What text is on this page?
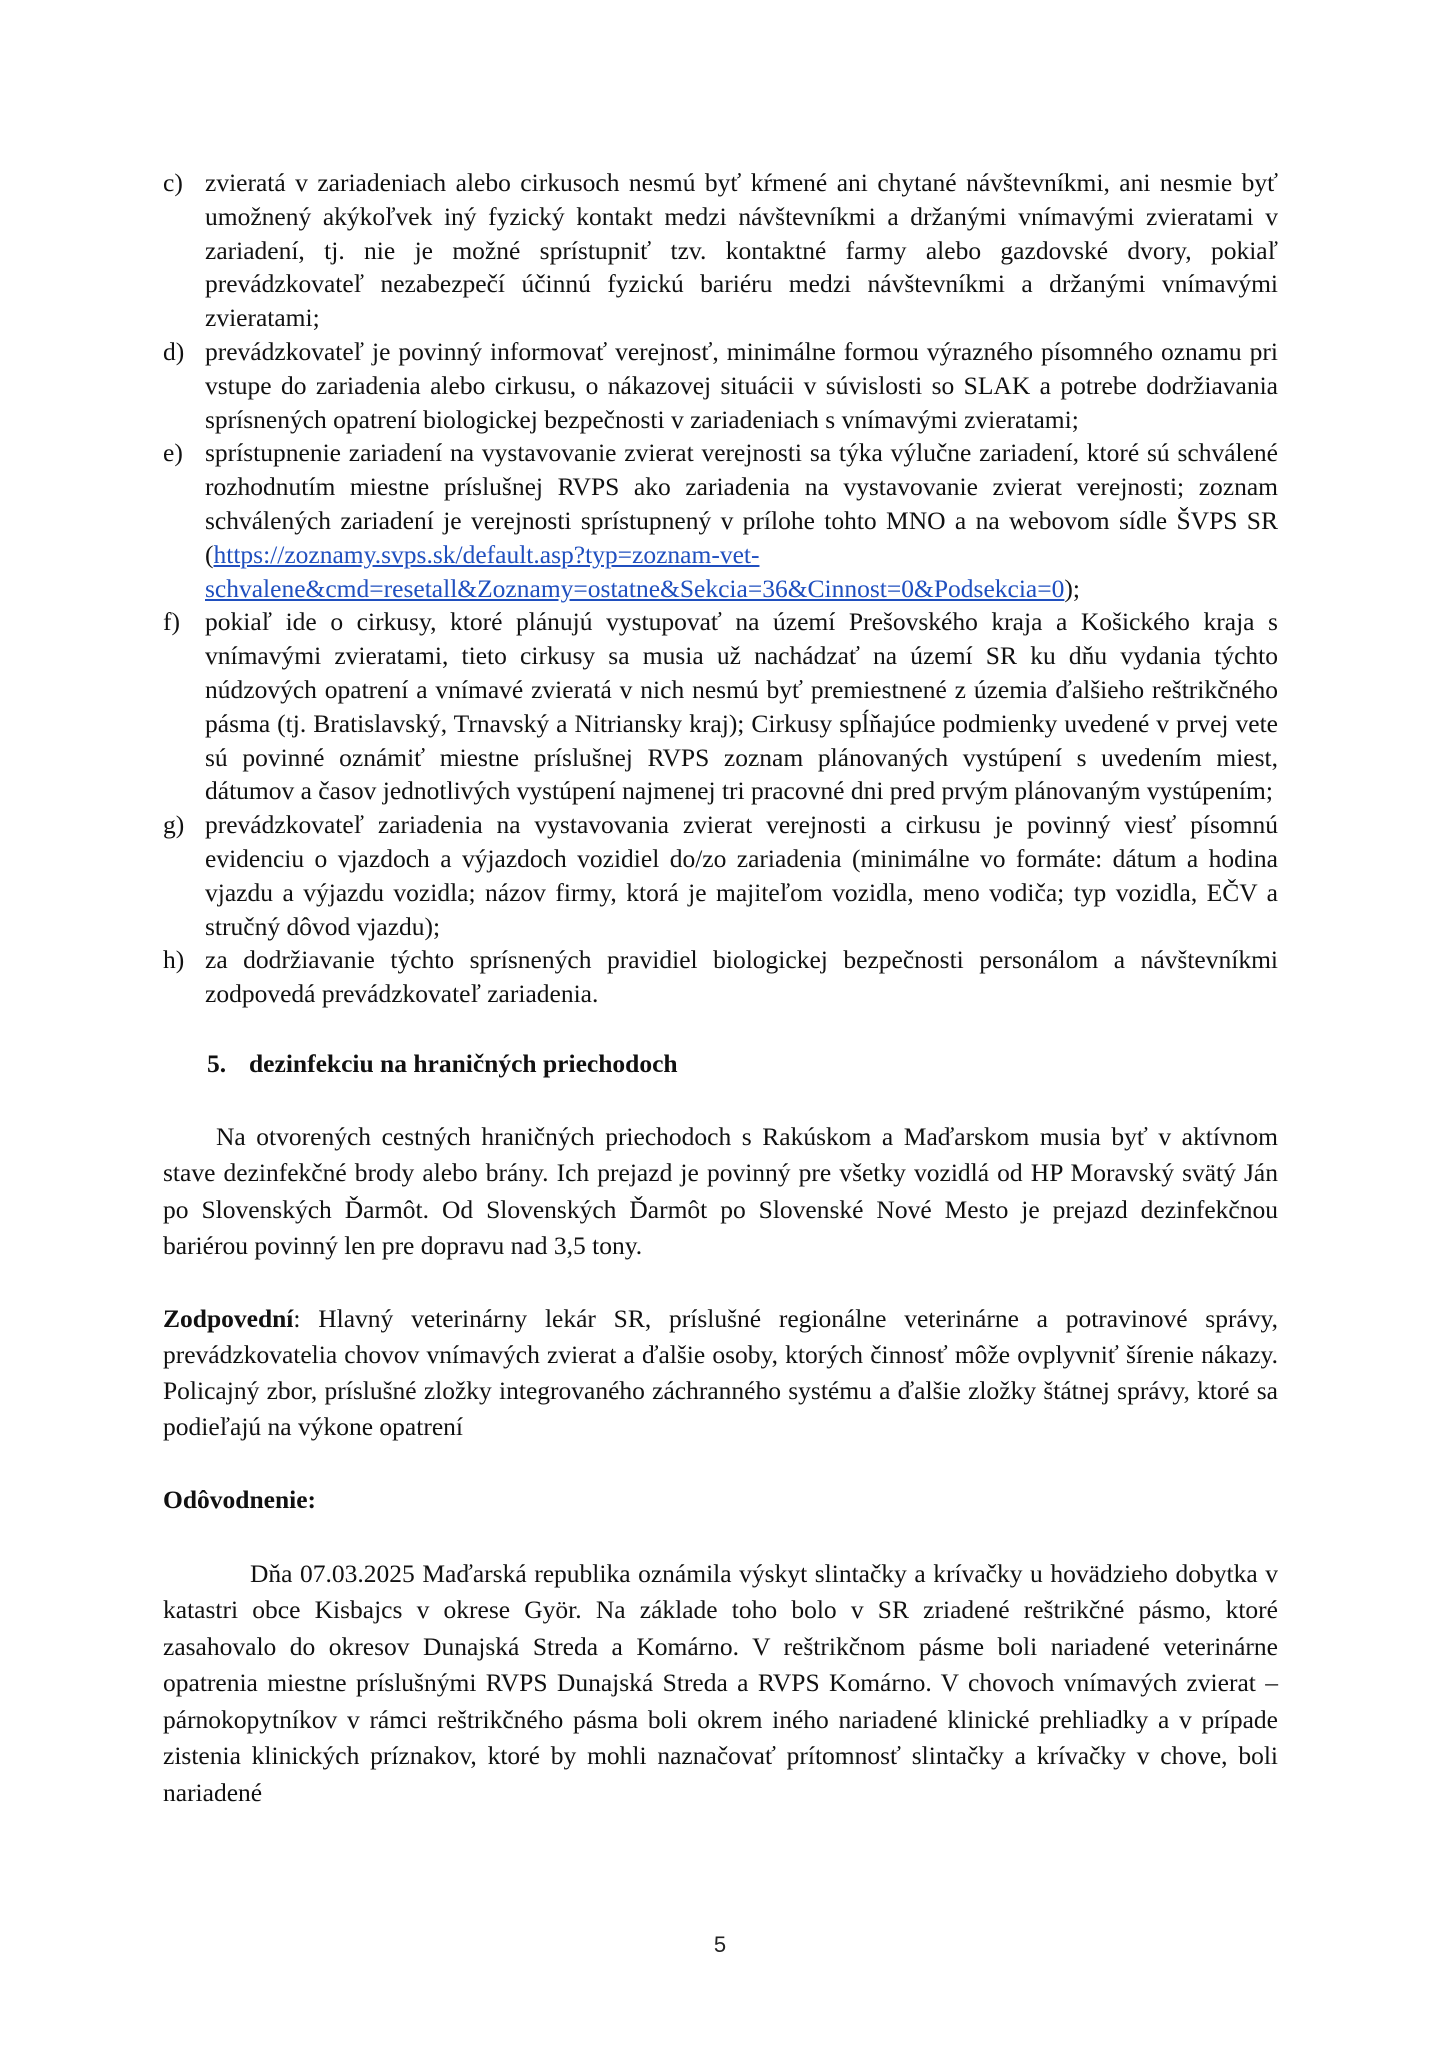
c) zvieratá v zariadeniach alebo cirkusoch nesmú byť kŕmené ani chytané návštevníkmi, ani nesmie byť umožnený akýkoľvek iný fyzický kontakt medzi návštevníkmi a držanými vnímavými zvieratami v zariadení, tj. nie je možné sprístupniť tzv. kontaktné farmy alebo gazdovské dvory, pokiaľ prevádzkovateľ nezabezpečí účinnú fyzickú bariéru medzi návštevníkmi a držanými vnímavými zvieratami;
d) prevádzkovateľ je povinný informovať verejnosť, minimálne formou výrazného písomného oznamu pri vstupe do zariadenia alebo cirkusu, o nákazovej situácii v súvislosti so SLAK a potrebe dodržiavania sprísnených opatrení biologickej bezpečnosti v zariadeniach s vnímavými zvieratami;
e) sprístupnenie zariadení na vystavovanie zvierat verejnosti sa týka výlučne zariadení, ktoré sú schválené rozhodnutím miestne príslušnej RVPS ako zariadenia na vystavovanie zvierat verejnosti; zoznam schválených zariadení je verejnosti sprístupnený v prílohe tohto MNO a na webovom sídle ŠVPS SR (https://zoznamy.svps.sk/default.asp?typ=zoznam-vet-schvalene&cmd=resetall&Zoznamy=ostatne&Sekcia=36&Cinnost=0&Podsekcia=0);
f) pokiaľ ide o cirkusy, ktoré plánujú vystupovať na území Prešovského kraja a Košického kraja s vnímavými zvieratami, tieto cirkusy sa musia už nachádzať na území SR ku dňu vydania týchto núdzových opatrení a vnímavé zvieratá v nich nesmú byť premiestnené z územia ďalšieho reštrikčného pásma (tj. Bratislavský, Trnavský a Nitriansky kraj); Cirkusy spĺňajúce podmienky uvedené v prvej vete sú povinné oznámiť miestne príslušnej RVPS zoznam plánovaných vystúpení s uvedením miest, dátumov a časov jednotlivých vystúpení najmenej tri pracovné dni pred prvým plánovaným vystúpením;
g) prevádzkovateľ zariadenia na vystavovania zvierat verejnosti a cirkusu je povinný viesť písomnú evidenciu o vjazdoch a výjazdoch vozidiel do/zo zariadenia (minimálne vo formáte: dátum a hodina vjazdu a výjazdu vozidla; názov firmy, ktorá je majiteľom vozidla, meno vodiča; typ vozidla, EČV a stručný dôvod vjazdu);
h) za dodržiavanie týchto sprísnených pravidiel biologickej bezpečnosti personálom a návštevníkmi zodpovedá prevádzkovateľ zariadenia.
5. dezinfekciu na hraničných priechodoch

Na otvorených cestných hraničných priechodoch s Rakúskom a Maďarskom musia byť v aktívnom stave dezinfekčné brody alebo brány. Ich prejazd je povinný pre všetky vozidlá od HP Moravský svätý Ján po Slovenských Ďarmôt. Od Slovenských Ďarmôt po Slovenské Nové Mesto je prejazd dezinfekčnou bariérou povinný len pre dopravu nad 3,5 tony.

Zodpovední: Hlavný veterinárny lekár SR, príslušné regionálne veterinárne a potravinové správy, prevádzkovatelia chovov vnímavých zvierat a ďalšie osoby, ktorých činnosť môže ovplyvniť šírenie nákazy. Policajný zbor, príslušné zložky integrovaného záchranného systému a ďalšie zložky štátnej správy, ktoré sa podieľajú na výkone opatrení

Odôvodnenie:

Dňa 07.03.2025 Maďarská republika oznámila výskyt slintačky a krívačky u hovädzieho dobytka v katastri obce Kisbajcs v okrese Györ. Na základe toho bolo v SR zriadené reštrikčné pásmo, ktoré zasahovalo do okresov Dunajská Streda a Komárno. V reštrikčnom pásme boli nariadené veterinárne opatrenia miestne príslušnými RVPS Dunajská Streda a RVPS Komárno. V chovoch vnímavých zvierat – párnokopytníkov v rámci reštrikčného pásma boli okrem iného nariadené klinické prehliadky a v prípade zistenia klinických príznakov, ktoré by mohli naznačovať prítomnosť slintačky a krívačky v chove, boli nariadené

5
